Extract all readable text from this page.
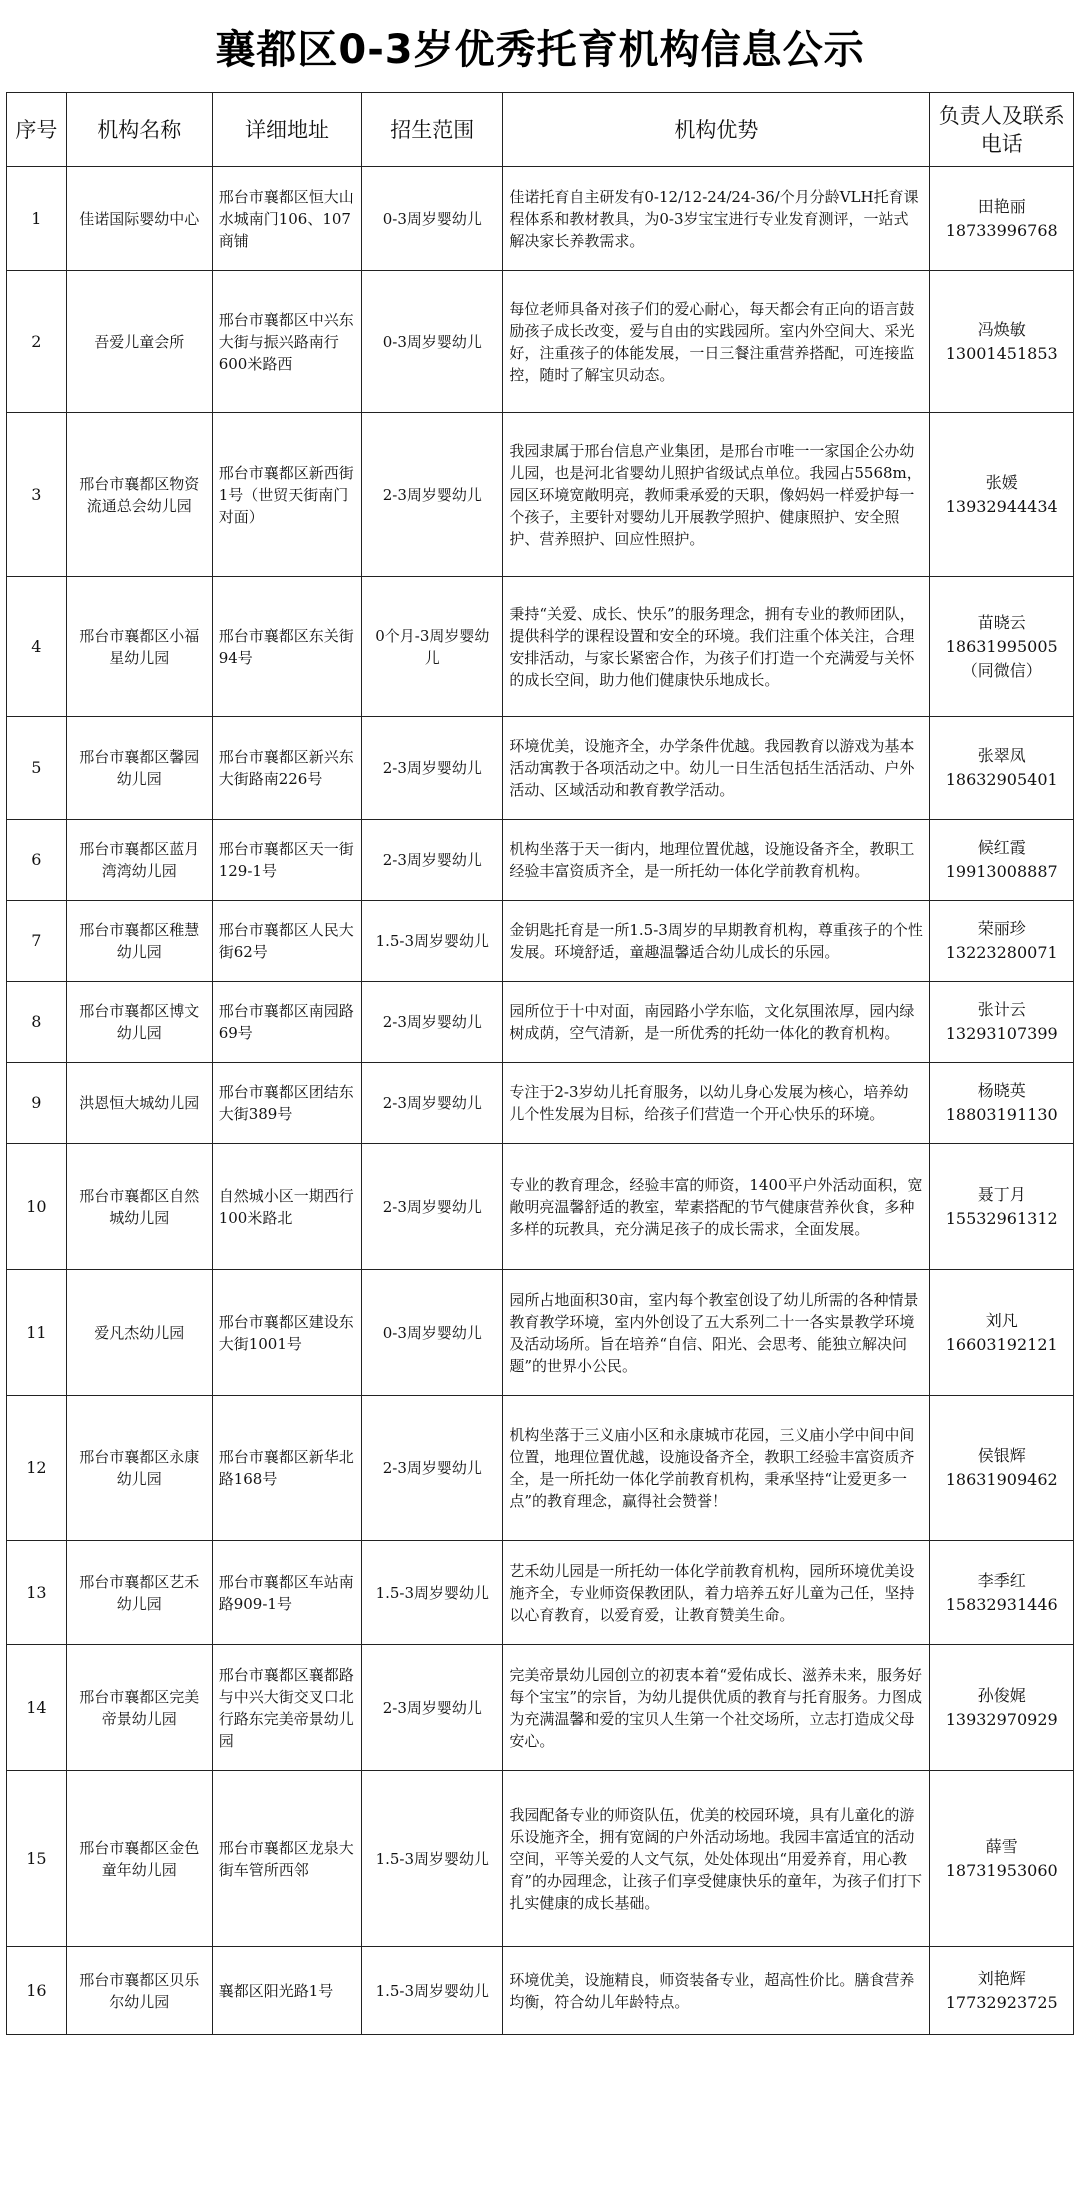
襄都区0-3岁优秀托育机构信息公示
序号	机构名称	详细地址	招生范围	机构优势	负责人及联系电话
1	佳诺国际婴幼中心	邢台市襄都区恒大山水城南门106、107商铺	0-3周岁婴幼儿	佳诺托育自主研发有0-12/12-24/24-36/个月分龄VLH托育课程体系和教材教具，为0-3岁宝宝进行专业发育测评，一站式解决家长养教需求。	田艳丽
18733996768

2	吾爱儿童会所	邢台市襄都区中兴东大街与振兴路南行600米路西	0-3周岁婴幼儿	每位老师具备对孩子们的爱心耐心，每天都会有正向的语言鼓励孩子成长改变，爱与自由的实践园所。室内外空间大、采光好，注重孩子的体能发展，一日三餐注重营养搭配，可连接监控，随时了解宝贝动态。	冯焕敏
13001451853

3	邢台市襄都区物资流通总会幼儿园	邢台市襄都区新西街1号（世贸天街南门对面）	2-3周岁婴幼儿	我园隶属于邢台信息产业集团，是邢台市唯一一家国企公办幼儿园，也是河北省婴幼儿照护省级试点单位。我园占5568m，园区环境宽敞明亮，教师秉承爱的天职，像妈妈一样爱护每一个孩子，主要针对婴幼儿开展教学照护、健康照护、安全照护、营养照护、回应性照护。	张媛
13932944434

4	邢台市襄都区小福星幼儿园	邢台市襄都区东关街94号	0个月-3周岁婴幼儿	秉持“关爱、成长、快乐”的服务理念，拥有专业的教师团队，提供科学的课程设置和安全的环境。我们注重个体关注，合理安排活动，与家长紧密合作，为孩子们打造一个充满爱与关怀的成长空间，助力他们健康快乐地成长。	苗晓云
18631995005
（同微信）

5	邢台市襄都区馨园幼儿园	邢台市襄都区新兴东大街路南226号	2-3周岁婴幼儿	环境优美，设施齐全，办学条件优越。我园教育以游戏为基本活动寓教于各项活动之中。幼儿一日生活包括生活活动、户外活动、区域活动和教育教学活动。	张翠凤
18632905401

6	邢台市襄都区蓝月湾湾幼儿园	邢台市襄都区天一街129-1号	2-3周岁婴幼儿	机构坐落于天一街内，地理位置优越，设施设备齐全，教职工经验丰富资质齐全，是一所托幼一体化学前教育机构。	候红霞
19913008887

7	邢台市襄都区稚慧幼儿园	邢台市襄都区人民大街62号	1.5-3周岁婴幼儿	金钥匙托育是一所1.5-3周岁的早期教育机构，尊重孩子的个性发展。环境舒适，童趣温馨适合幼儿成长的乐园。	荣丽珍
13223280071

8	邢台市襄都区博文幼儿园	邢台市襄都区南园路69号	2-3周岁婴幼儿	园所位于十中对面，南园路小学东临，文化氛围浓厚，园内绿树成荫，空气清新，是一所优秀的托幼一体化的教育机构。	张计云
13293107399

9	洪恩恒大城幼儿园	邢台市襄都区团结东大街389号	2-3周岁婴幼儿	专注于2-3岁幼儿托育服务，以幼儿身心发展为核心，培养幼儿个性发展为目标，给孩子们营造一个开心快乐的环境。	杨晓英
18803191130

10	邢台市襄都区自然城幼儿园	自然城小区一期西行100米路北	2-3周岁婴幼儿	专业的教育理念，经验丰富的师资，1400平户外活动面积，宽敞明亮温馨舒适的教室，荤素搭配的节气健康营养伙食，多种多样的玩教具，充分满足孩子的成长需求，全面发展。	聂丁月
15532961312

11	爱凡杰幼儿园	邢台市襄都区建设东大街1001号	0-3周岁婴幼儿	园所占地面积30亩，室内每个教室创设了幼儿所需的各种情景教育教学环境，室内外创设了五大系列二十一各实景教学环境及活动场所。旨在培养“自信、阳光、会思考、能独立解决问题”的世界小公民。	刘凡
16603192121

12	邢台市襄都区永康幼儿园	邢台市襄都区新华北路168号	2-3周岁婴幼儿	机构坐落于三义庙小区和永康城市花园，三义庙小学中间中间位置，地理位置优越，设施设备齐全，教职工经验丰富资质齐全，是一所托幼一体化学前教育机构，秉承坚持“让爱更多一点”的教育理念，赢得社会赞誉！	侯银辉
18631909462

13	邢台市襄都区艺禾幼儿园	邢台市襄都区车站南路909-1号	1.5-3周岁婴幼儿	艺禾幼儿园是一所托幼一体化学前教育机构，园所环境优美设施齐全，专业师资保教团队，着力培养五好儿童为己任，坚持以心育教育，以爱育爱，让教育赞美生命。	李季红
15832931446

14	邢台市襄都区完美帝景幼儿园	邢台市襄都区襄都路与中兴大街交叉口北行路东完美帝景幼儿园	2-3周岁婴幼儿	完美帝景幼儿园创立的初衷本着“爱佑成长、滋养未来，服务好每个宝宝”的宗旨，为幼儿提供优质的教育与托育服务。力图成为充满温馨和爱的宝贝人生第一个社交场所，立志打造成父母安心。	孙俊娓
13932970929

15	邢台市襄都区金色童年幼儿园	邢台市襄都区龙泉大街车管所西邻	1.5-3周岁婴幼儿	我园配备专业的师资队伍，优美的校园环境，具有儿童化的游乐设施齐全，拥有宽阔的户外活动场地。我园丰富适宜的活动空间，平等关爱的人文气氛，处处体现出“用爱养育，用心教育”的办园理念，让孩子们享受健康快乐的童年，为孩子们打下扎实健康的成长基础。	薛雪
18731953060

16	邢台市襄都区贝乐尔幼儿园	襄都区阳光路1号	1.5-3周岁婴幼儿	环境优美，设施精良，师资装备专业，超高性价比。膳食营养均衡，符合幼儿年龄特点。	刘艳辉
17732923725
